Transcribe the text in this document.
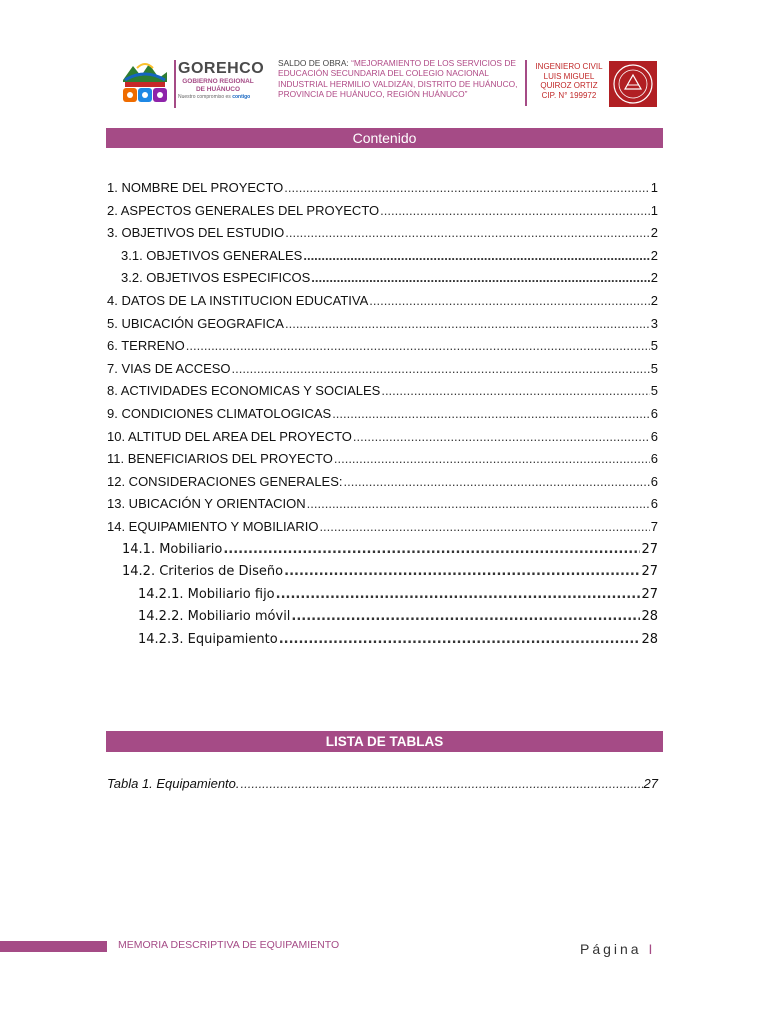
GOREHCO
GOBIERNO REGIONAL DE HUÁNUCO
Nuestro compromiso es contigo
SALDO DE OBRA: “MEJORAMIENTO DE LOS SERVICIOS DE EDUCACIÓN SECUNDARIA DEL COLEGIO NACIONAL INDUSTRIAL HERMILIO VALDIZÁN, DISTRITO DE HUÁNUCO, PROVINCIA DE HUÁNUCO, REGIÓN HUÁNUCO”
INGENIERO CIVIL
LUIS MIGUEL
QUIROZ ORTIZ
CIP. N° 199972
Contenido
1. NOMBRE DEL PROYECTO .....	1
2. ASPECTOS GENERALES DEL PROYECTO .....	1
3. OBJETIVOS DEL ESTUDIO .....	2
3.1. OBJETIVOS GENERALES .....	2
3.2. OBJETIVOS ESPECIFICOS .....	2
4. DATOS DE LA INSTITUCION EDUCATIVA .....	2
5. UBICACIÓN GEOGRAFICA .....	3
6. TERRENO .....	5
7. VIAS DE ACCESO .....	5
8. ACTIVIDADES ECONOMICAS Y SOCIALES .....	5
9. CONDICIONES CLIMATOLOGICAS .....	6
10. ALTITUD DEL AREA DEL PROYECTO .....	6
11. BENEFICIARIOS DEL PROYECTO .....	6
12. CONSIDERACIONES GENERALES: .....	6
13. UBICACIÓN Y ORIENTACION .....	6
14. EQUIPAMIENTO Y MOBILIARIO .....	7
14.1. Mobiliario .....	27
14.2. Criterios de Diseño .....	27
14.2.1. Mobiliario fijo .....	27
14.2.2. Mobiliario móvil .....	28
14.2.3. Equipamiento .....	28
LISTA DE TABLAS
Tabla 1. Equipamiento. .....	27
MEMORIA DESCRIPTIVA DE EQUIPAMIENTO	Página I
